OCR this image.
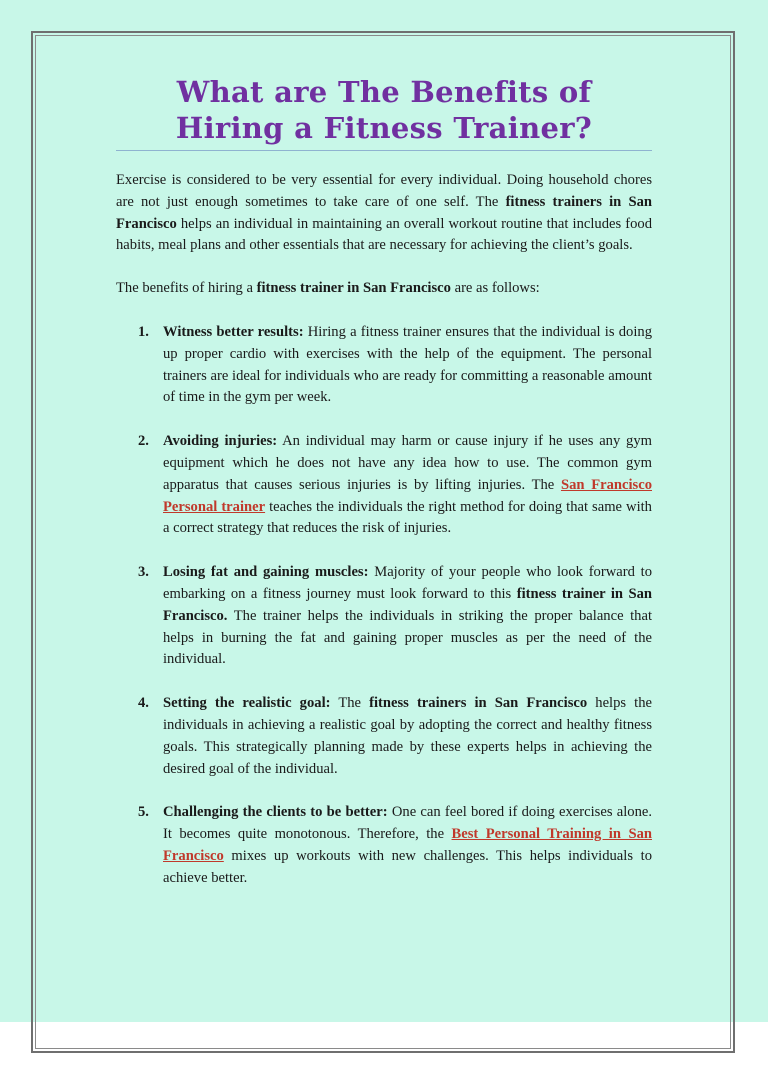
What are The Benefits of
Hiring a Fitness Trainer?

Exercise is considered to be very essential for every individual. Doing household chores are not just enough sometimes to take care of one self. The fitness trainers in San Francisco helps an individual in maintaining an overall workout routine that includes food habits, meal plans and other essentials that are necessary for achieving the client’s goals.

The benefits of hiring a fitness trainer in San Francisco are as follows:

1. Witness better results: Hiring a fitness trainer ensures that the individual is doing up proper cardio with exercises with the help of the equipment. The personal trainers are ideal for individuals who are ready for committing a reasonable amount of time in the gym per week.

2. Avoiding injuries: An individual may harm or cause injury if he uses any gym equipment which he does not have any idea how to use. The common gym apparatus that causes serious injuries is by lifting injuries. The San Francisco Personal trainer teaches the individuals the right method for doing that same with a correct strategy that reduces the risk of injuries.

3. Losing fat and gaining muscles: Majority of your people who look forward to embarking on a fitness journey must look forward to this fitness trainer in San Francisco. The trainer helps the individuals in striking the proper balance that helps in burning the fat and gaining proper muscles as per the need of the individual.

4. Setting the realistic goal: The fitness trainers in San Francisco helps the individuals in achieving a realistic goal by adopting the correct and healthy fitness goals. This strategically planning made by these experts helps in achieving the desired goal of the individual.

5. Challenging the clients to be better: One can feel bored if doing exercises alone. It becomes quite monotonous. Therefore, the Best Personal Training in San Francisco mixes up workouts with new challenges. This helps individuals to achieve better.
